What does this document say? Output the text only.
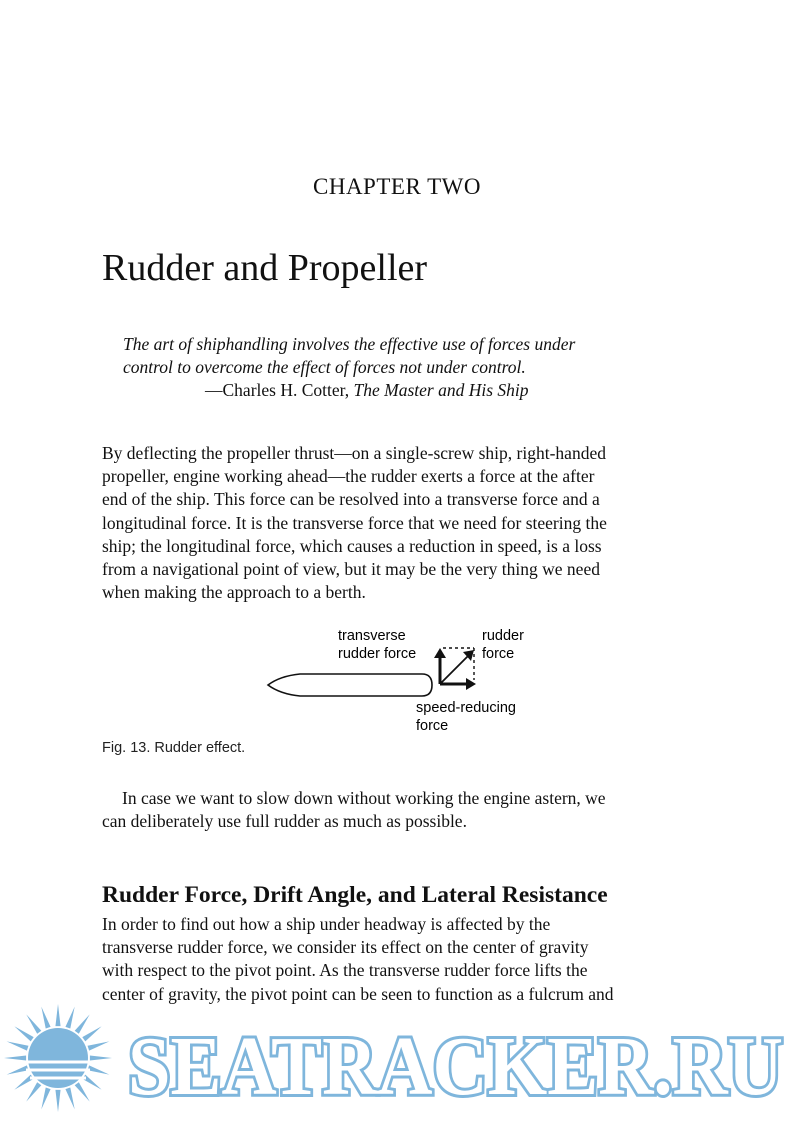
CHAPTER TWO
Rudder and Propeller
The art of shiphandling involves the effective use of forces under
control to overcome the effect of forces not under control.
—Charles H. Cotter, The Master and His Ship
By deflecting the propeller thrust—on a single-screw ship, right-handed
propeller, engine working ahead—the rudder exerts a force at the after
end of the ship. This force can be resolved into a transverse force and a
longitudinal force. It is the transverse force that we need for steering the
ship; the longitudinal force, which causes a reduction in speed, is a loss
from a navigational point of view, but it may be the very thing we need
when making the approach to a berth.
transverse
rudder force
rudder
force
speed-reducing
force
Fig. 13. Rudder effect.
In case we want to slow down without working the engine astern, we
can deliberately use full rudder as much as possible.
Rudder Force, Drift Angle, and Lateral Resistance
In order to find out how a ship under headway is affected by the
transverse rudder force, we consider its effect on the center of gravity
with respect to the pivot point. As the transverse rudder force lifts the
center of gravity, the pivot point can be seen to function as a fulcrum and
SEATRACKER.RU
